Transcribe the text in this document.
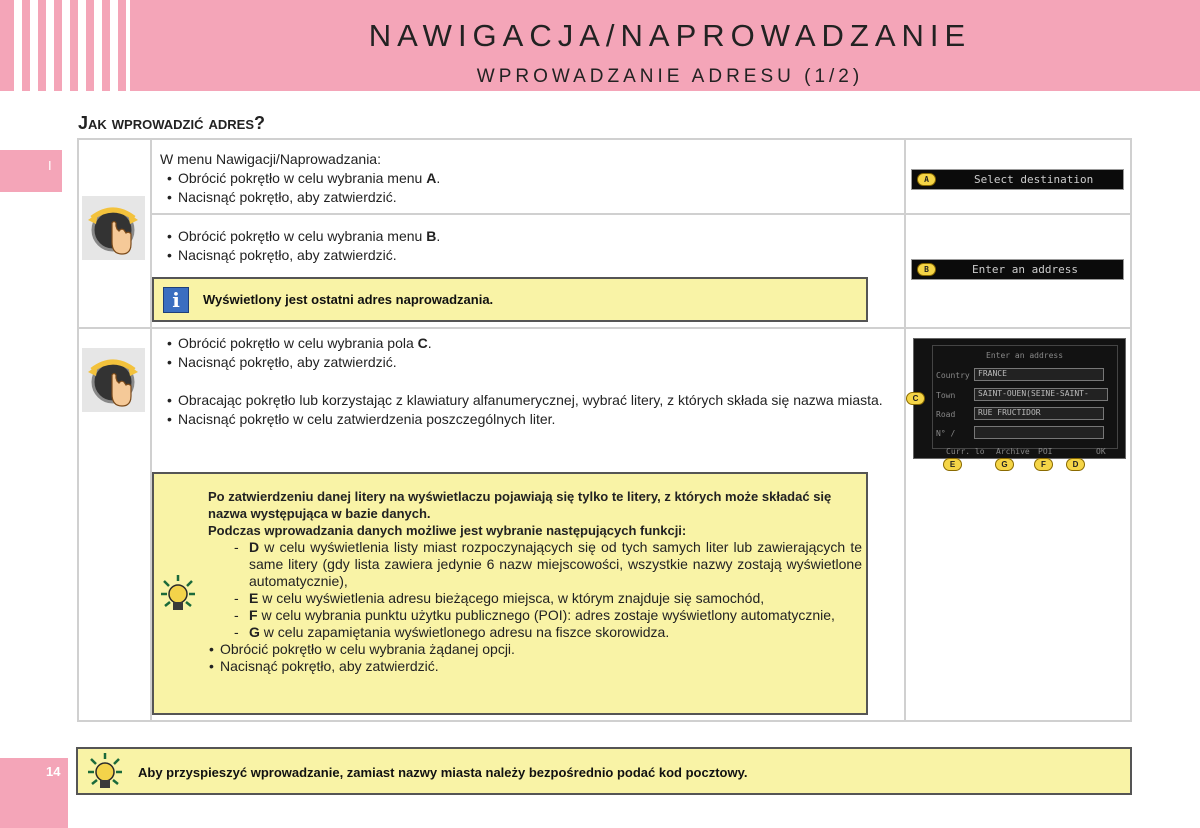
NAWIGACJA/NAPROWADZANIE
WPROWADZANIE ADRESU (1/2)
I
14
Jak wprowadzić adres?
W menu Nawigacji/Naprowadzania:
• Obrócić pokrętło w celu wybrania menu A.
• Nacisnąć pokrętło, aby zatwierdzić.
A	Select destination
• Obrócić pokrętło w celu wybrania menu B.
• Nacisnąć pokrętło, aby zatwierdzić.
i	Wyświetlony jest ostatni adres naprowadzania.
B	Enter an address
• Obrócić pokrętło w celu wybrania pola C.
• Nacisnąć pokrętło, aby zatwierdzić.
• Obracając pokrętło lub korzystając z klawiatury alfanumerycznej, wybrać litery, z których składa się nazwa miasta.
• Nacisnąć pokrętło w celu zatwierdzenia poszczególnych liter.
Po zatwierdzeniu danej litery na wyświetlaczu pojawiają się tylko te litery, z których może składać się nazwa występująca w bazie danych.
Podczas wprowadzania danych możliwe jest wybranie następujących funkcji:
- D w celu wyświetlenia listy miast rozpoczynających się od tych samych liter lub zawierających te same litery (gdy lista zawiera jedynie 6 nazw miejscowości, wszystkie nazwy zostają wyświetlone automatycznie),
- E w celu wyświetlenia adresu bieżącego miejsca, w którym znajduje się samochód,
- F w celu wybrania punktu użytku publicznego (POI): adres zostaje wyświetlony automatycznie,
- G w celu zapamiętania wyświetlonego adresu na fiszce skorowidza.
• Obrócić pokrętło w celu wybrania żądanej opcji.
• Nacisnąć pokrętło, aby zatwierdzić.
Enter an address
Country	FRANCE
Town	SAINT-OUEN(SEINE-SAINT-
Road	RUE FRUCTIDOR
N° /
Curr. lo Archive POI	OK
C
E	G	F	D
Aby przyspieszyć wprowadzanie, zamiast nazwy miasta należy bezpośrednio podać kod pocztowy.
